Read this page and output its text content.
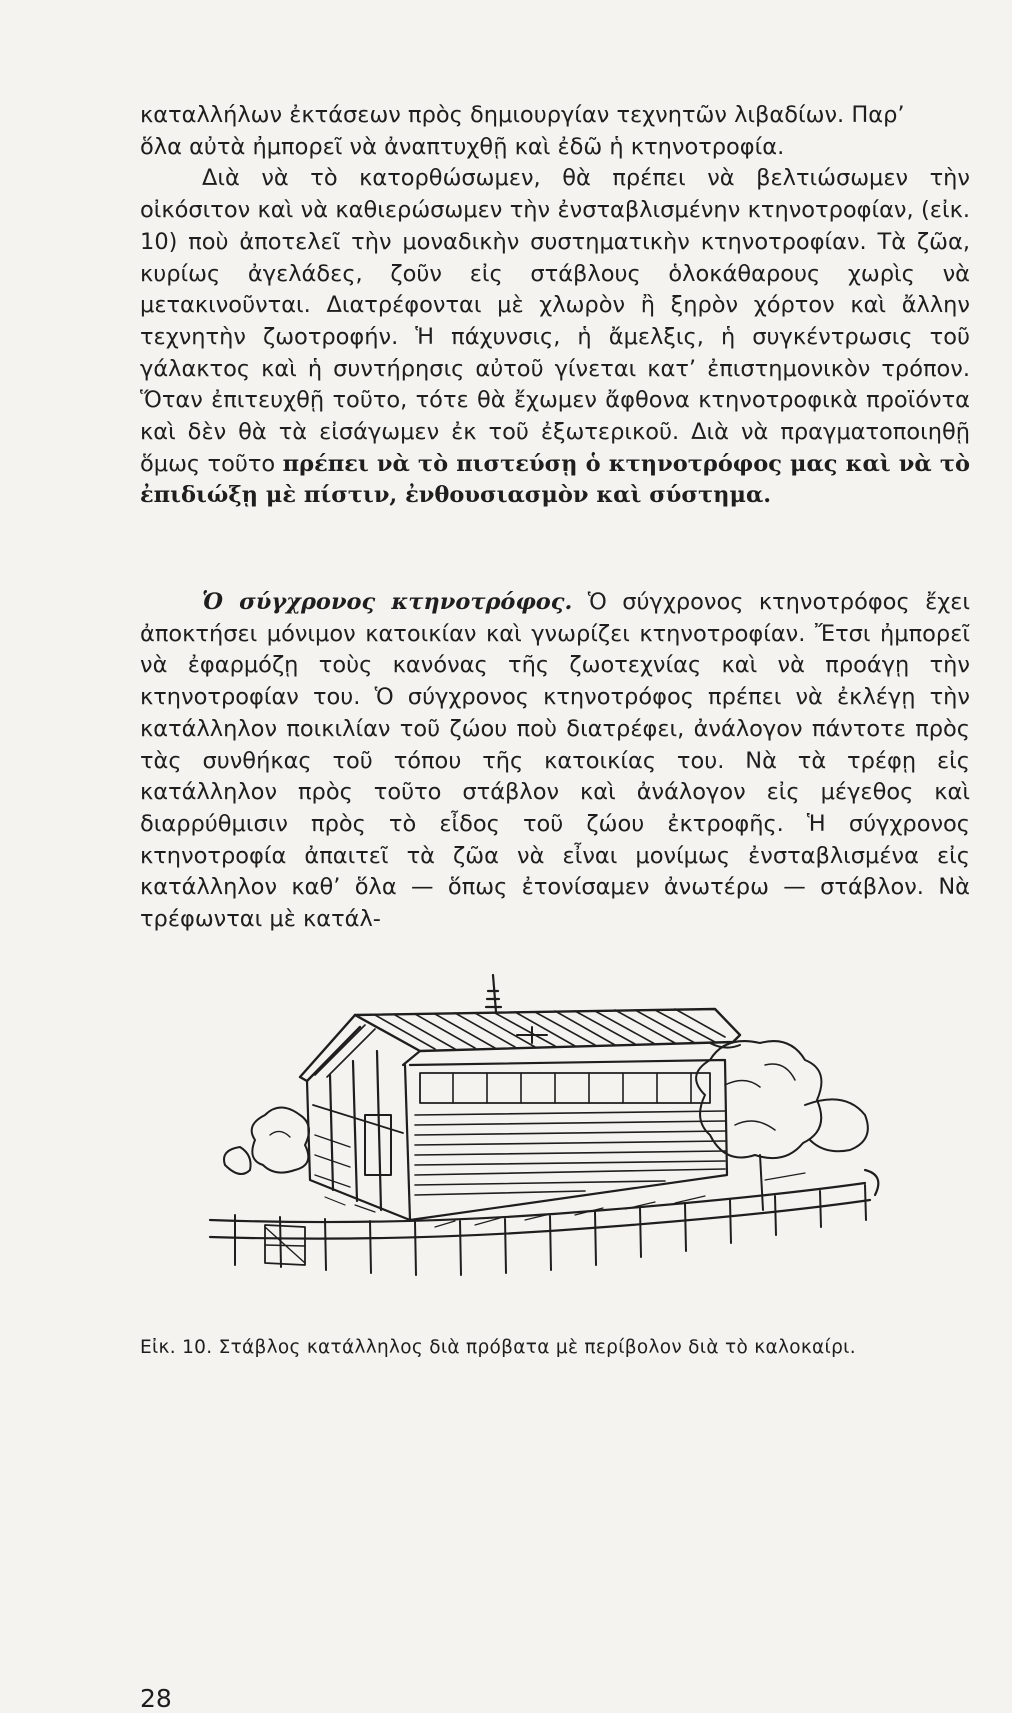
καταλλήλων ἐκτάσεων πρὸς δημιουργίαν τεχνητῶν λιβαδίων. Παρ’
ὅλα αὐτὰ ἠμπορεῖ νὰ ἀναπτυχθῇ καὶ ἐδῶ ἡ κτηνοτροφία.

Διὰ νὰ τὸ κατορθώσωμεν, θὰ πρέπει νὰ βελτιώσωμεν τὴν οἰκόσιτον καὶ νὰ καθιερώσωμεν τὴν ἐνσταβλισμένην κτηνοτροφίαν, (εἰκ. 10) ποὺ ἀποτελεῖ τὴν μοναδικὴν συστηματικὴν κτηνοτροφίαν. Τὰ ζῶα, κυρίως ἀγελάδες, ζοῦν εἰς στάβλους ὁλοκάθαρους χωρὶς νὰ μετακινοῦνται. Διατρέφονται μὲ χλωρὸν ἢ ξηρὸν χόρτον καὶ ἄλλην τεχνητὴν ζωοτροφήν. Ἡ πάχυνσις, ἡ ἄμελξις, ἡ συγκέντρωσις τοῦ γάλακτος καὶ ἡ συντήρησις αὐτοῦ γίνεται κατ’ ἐπιστημονικὸν τρόπον. Ὅταν ἐπιτευχθῇ τοῦτο, τότε θὰ ἔχωμεν ἄφθονα κτηνοτροφικὰ προϊόντα καὶ δὲν θὰ τὰ εἰσάγωμεν ἐκ τοῦ ἐξωτερικοῦ. Διὰ νὰ πραγματοποιηθῇ ὅμως τοῦτο πρέπει νὰ τὸ πιστεύσῃ ὁ κτηνοτρόφος μας καὶ νὰ τὸ ἐπιδιώξῃ μὲ πίστιν, ἐνθουσιασμὸν καὶ σύστημα.

Ὁ σύγχρονος κτηνοτρόφος. Ὁ σύγχρονος κτηνοτρόφος ἔχει ἀποκτήσει μόνιμον κατοικίαν καὶ γνωρίζει κτηνοτροφίαν. Ἔτσι ἠμπορεῖ νὰ ἐφαρμόζῃ τοὺς κανόνας τῆς ζωοτεχνίας καὶ νὰ προάγῃ τὴν κτηνοτροφίαν του. Ὁ σύγχρονος κτηνοτρόφος πρέπει νὰ ἐκλέγῃ τὴν κατάλληλον ποικιλίαν τοῦ ζώου ποὺ διατρέφει, ἀνάλογον πάντοτε πρὸς τὰς συνθήκας τοῦ τόπου τῆς κατοικίας του. Νὰ τὰ τρέφῃ εἰς κατάλληλον πρὸς τοῦτο στάβλον καὶ ἀνάλογον εἰς μέγεθος καὶ διαρρύθμισιν πρὸς τὸ εἶδος τοῦ ζώου ἐκτροφῆς. Ἡ σύγχρονος κτηνοτροφία ἀπαιτεῖ τὰ ζῶα νὰ εἶναι μονίμως ἐνσταβλισμένα εἰς κατάλληλον καθ’ ὅλα — ὅπως ἐτονίσαμεν ἀνωτέρω — στάβλον. Νὰ τρέφωνται μὲ κατάλ-

Εἰκ. 10. Στάβλος κατάλληλος διὰ πρόβατα μὲ περίβολον διὰ τὸ καλοκαίρι.
28
